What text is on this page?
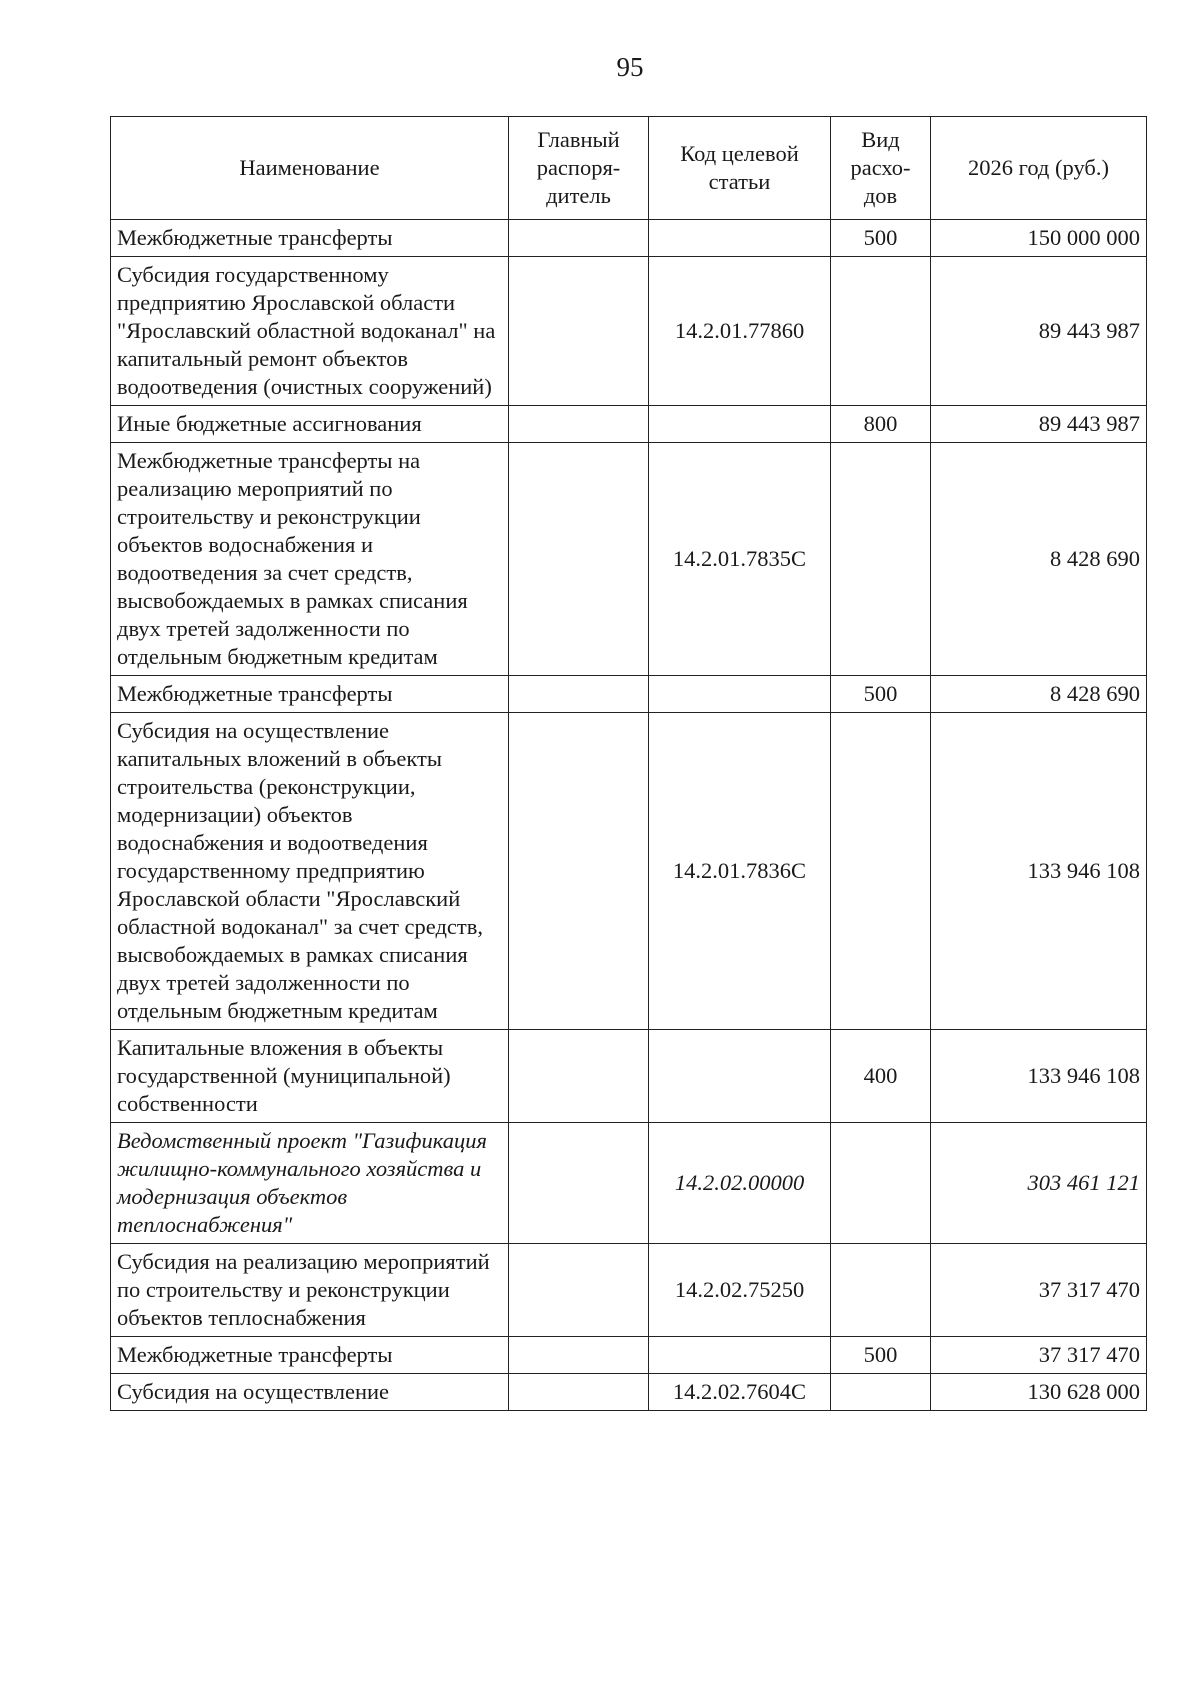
95
Наименование	Главный распоря-дитель	Код целевой статьи	Вид расхо-дов	2026 год (руб.)
Межбюджетные трансферты			500	150 000 000
Субсидия государственному предприятию Ярославской области "Ярославский областной водоканал" на капитальный ремонт объектов водоотведения (очистных сооружений)		14.2.01.77860		89 443 987
Иные бюджетные ассигнования			800	89 443 987
Межбюджетные трансферты на реализацию мероприятий по строительству и реконструкции объектов водоснабжения и водоотведения за счет средств, высвобождаемых в рамках списания двух третей задолженности по отдельным бюджетным кредитам		14.2.01.7835С		8 428 690
Межбюджетные трансферты			500	8 428 690
Субсидия на осуществление капитальных вложений в объекты строительства (реконструкции, модернизации) объектов водоснабжения и водоотведения государственному предприятию Ярославской области "Ярославский областной водоканал" за счет средств, высвобождаемых в рамках списания двух третей задолженности по отдельным бюджетным кредитам		14.2.01.7836С		133 946 108
Капитальные вложения в объекты государственной (муниципальной) собственности			400	133 946 108
Ведомственный проект "Газификация жилищно-коммунального хозяйства и модернизация объектов теплоснабжения"		14.2.02.00000		303 461 121
Субсидия на реализацию мероприятий по строительству и реконструкции объектов теплоснабжения		14.2.02.75250		37 317 470
Межбюджетные трансферты			500	37 317 470
Субсидия на осуществление		14.2.02.7604С		130 628 000
